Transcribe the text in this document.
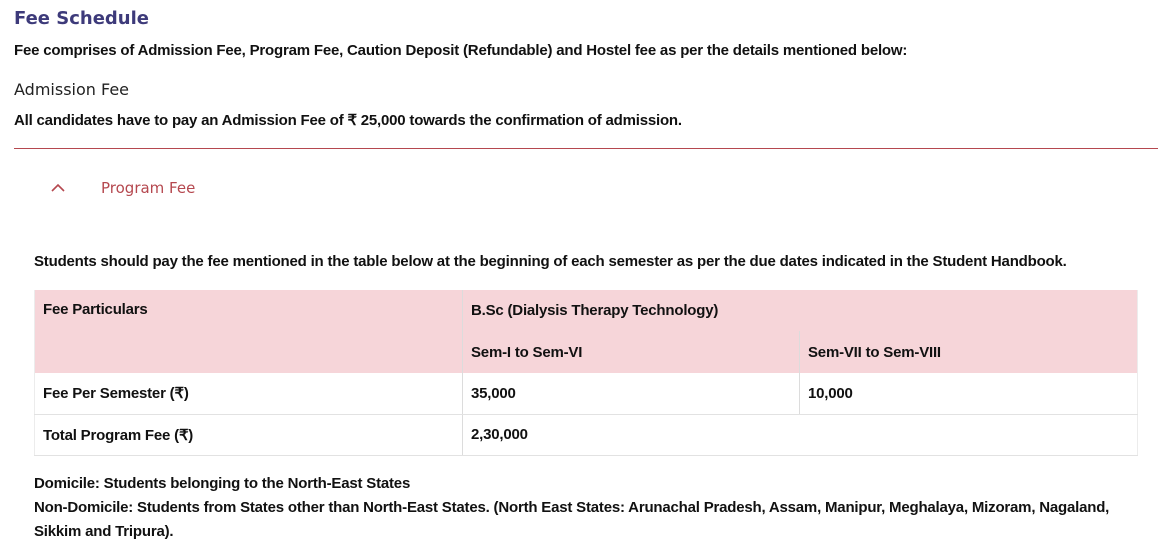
Fee Schedule
Fee comprises of Admission Fee, Program Fee, Caution Deposit (Refundable) and Hostel fee as per the details mentioned below:
Admission Fee
All candidates have to pay an Admission Fee of ₹ 25,000 towards the confirmation of admission.
Program Fee
Students should pay the fee mentioned in the table below at the beginning of each semester as per the due dates indicated in the Student Handbook.
Fee Particulars	B.Sc (Dialysis Therapy Technology)	
	Sem-I to Sem-VI	Sem-VII to Sem-VIII
Fee Per Semester (₹)	35,000	10,000
Total Program Fee (₹)	2,30,000	
Domicile: Students belonging to the North-East States
Non-Domicile: Students from States other than North-East States. (North East States: Arunachal Pradesh, Assam, Manipur, Meghalaya, Mizoram, Nagaland, Sikkim and Tripura).
